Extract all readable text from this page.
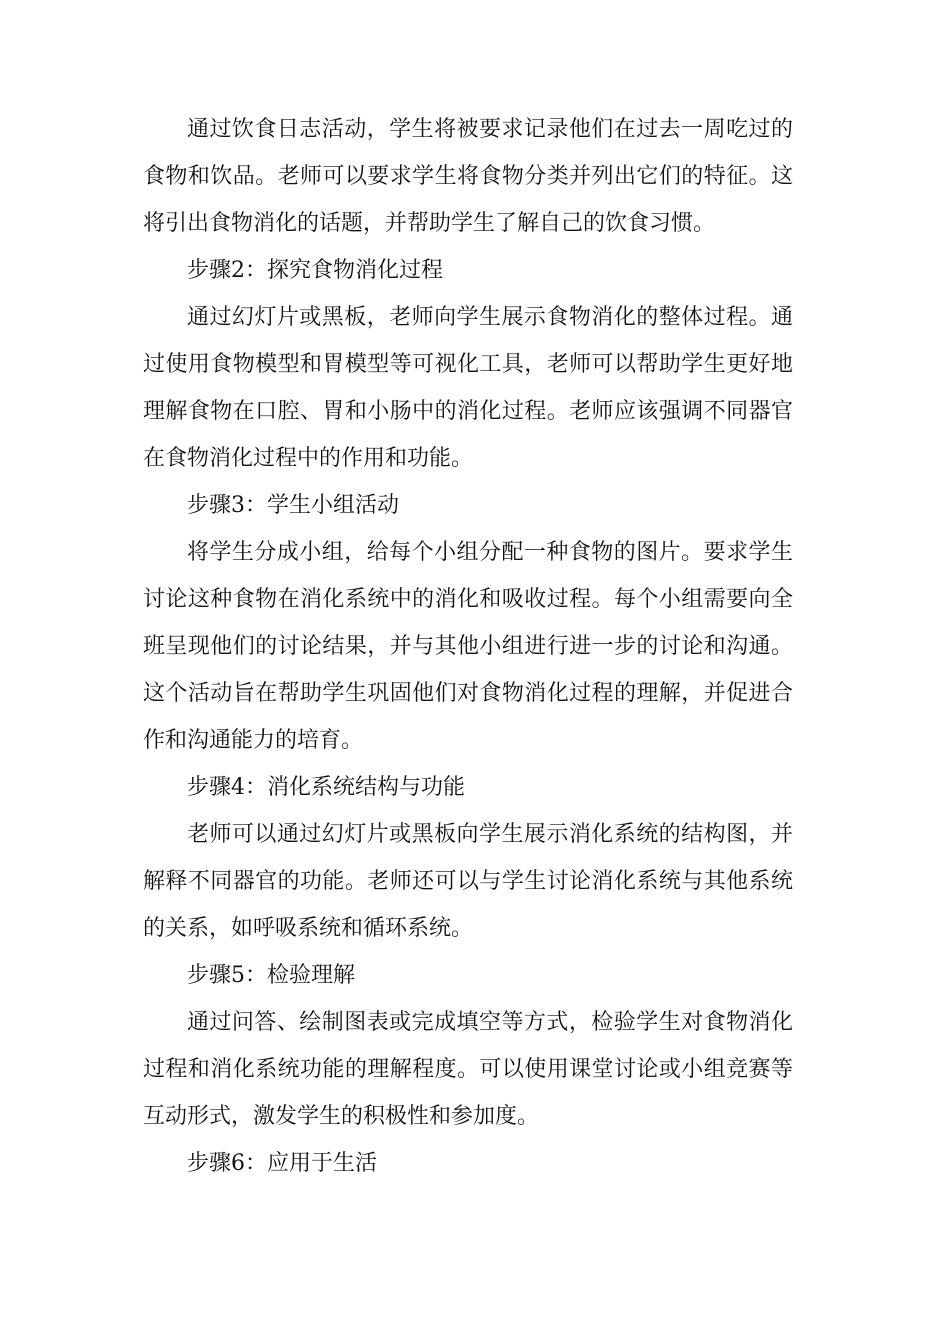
通过饮食日志活动，学生将被要求记录他们在过去一周吃过的食物和饮品。老师可以要求学生将食物分类并列出它们的特征。这将引出食物消化的话题，并帮助学生了解自己的饮食习惯。

步骤2：探究食物消化过程

通过幻灯片或黑板，老师向学生展示食物消化的整体过程。通过使用食物模型和胃模型等可视化工具，老师可以帮助学生更好地理解食物在口腔、胃和小肠中的消化过程。老师应该强调不同器官在食物消化过程中的作用和功能。

步骤3：学生小组活动

将学生分成小组，给每个小组分配一种食物的图片。要求学生讨论这种食物在消化系统中的消化和吸收过程。每个小组需要向全班呈现他们的讨论结果，并与其他小组进行进一步的讨论和沟通。这个活动旨在帮助学生巩固他们对食物消化过程的理解，并促进合作和沟通能力的培育。

步骤4：消化系统结构与功能

老师可以通过幻灯片或黑板向学生展示消化系统的结构图，并解释不同器官的功能。老师还可以与学生讨论消化系统与其他系统的关系，如呼吸系统和循环系统。

步骤5：检验理解

通过问答、绘制图表或完成填空等方式，检验学生对食物消化过程和消化系统功能的理解程度。可以使用课堂讨论或小组竞赛等互动形式，激发学生的积极性和参加度。

步骤6：应用于生活
